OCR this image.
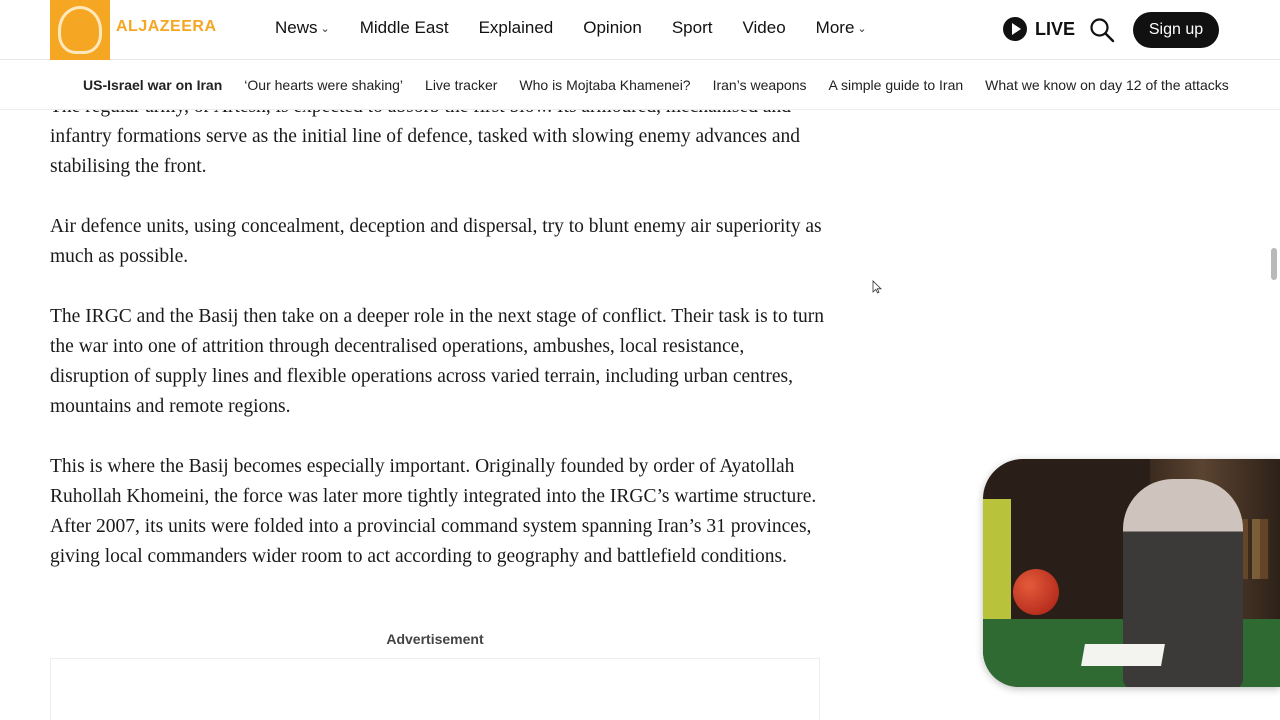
ALJAZEERA	News ⌄ Middle East Explained Opinion Sport Video More ⌄	LIVE	Sign up
US-Israel war on Iran ‘Our hearts were shaking’ Live tracker Who is Mojtaba Khamenei? Iran’s weapons A simple guide to Iran What we know on day 12 of the attacks

infantry formations serve as the initial line of defence, tasked with slowing enemy advances and stabilising the front.

Air defence units, using concealment, deception and dispersal, try to blunt enemy air superiority as much as possible.

The IRGC and the Basij then take on a deeper role in the next stage of conflict. Their task is to turn the war into one of attrition through decentralised operations, ambushes, local resistance, disruption of supply lines and flexible operations across varied terrain, including urban centres, mountains and remote regions.

This is where the Basij becomes especially important. Originally founded by order of Ayatollah Ruhollah Khomeini, the force was later more tightly integrated into the IRGC’s wartime structure. After 2007, its units were folded into a provincial command system spanning Iran’s 31 provinces, giving local commanders wider room to act according to geography and battlefield conditions.

Advertisement
